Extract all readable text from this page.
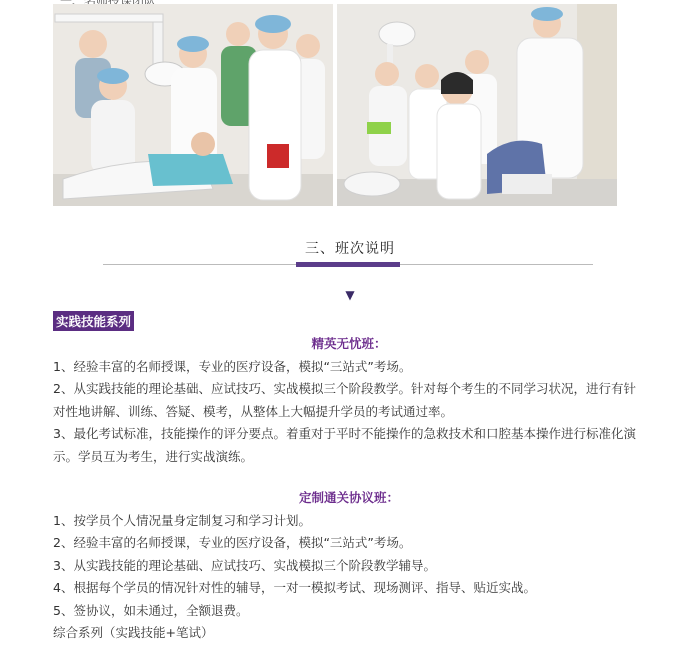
三、班次说明
▼
实践技能系列
精英无忧班：

1、经验丰富的名师授课，专业的医疗设备，模拟“三站式”考场。

2、从实践技能的理论基础、应试技巧、实战模拟三个阶段教学。针对每个考生的不同学习状况，进行有针对性地讲解、训练、答疑、模考，从整体上大幅提升学员的考试通过率。

3、最化考试标准，技能操作的评分要点。着重对于平时不能操作的急救技术和口腔基本操作进行标准化演示。学员互为考生，进行实战演练。

定制通关协议班：

1、按学员个人情况量身定制复习和学习计划。

2、经验丰富的名师授课，专业的医疗设备，模拟“三站式”考场。

3、从实践技能的理论基础、应试技巧、实战模拟三个阶段教学辅导。

4、根据每个学员的情况针对性的辅导，一对一模拟考试、现场测评、指导、贴近实战。

5、签协议，如未通过，全额退费。

综合系列（实践技能+笔试）
